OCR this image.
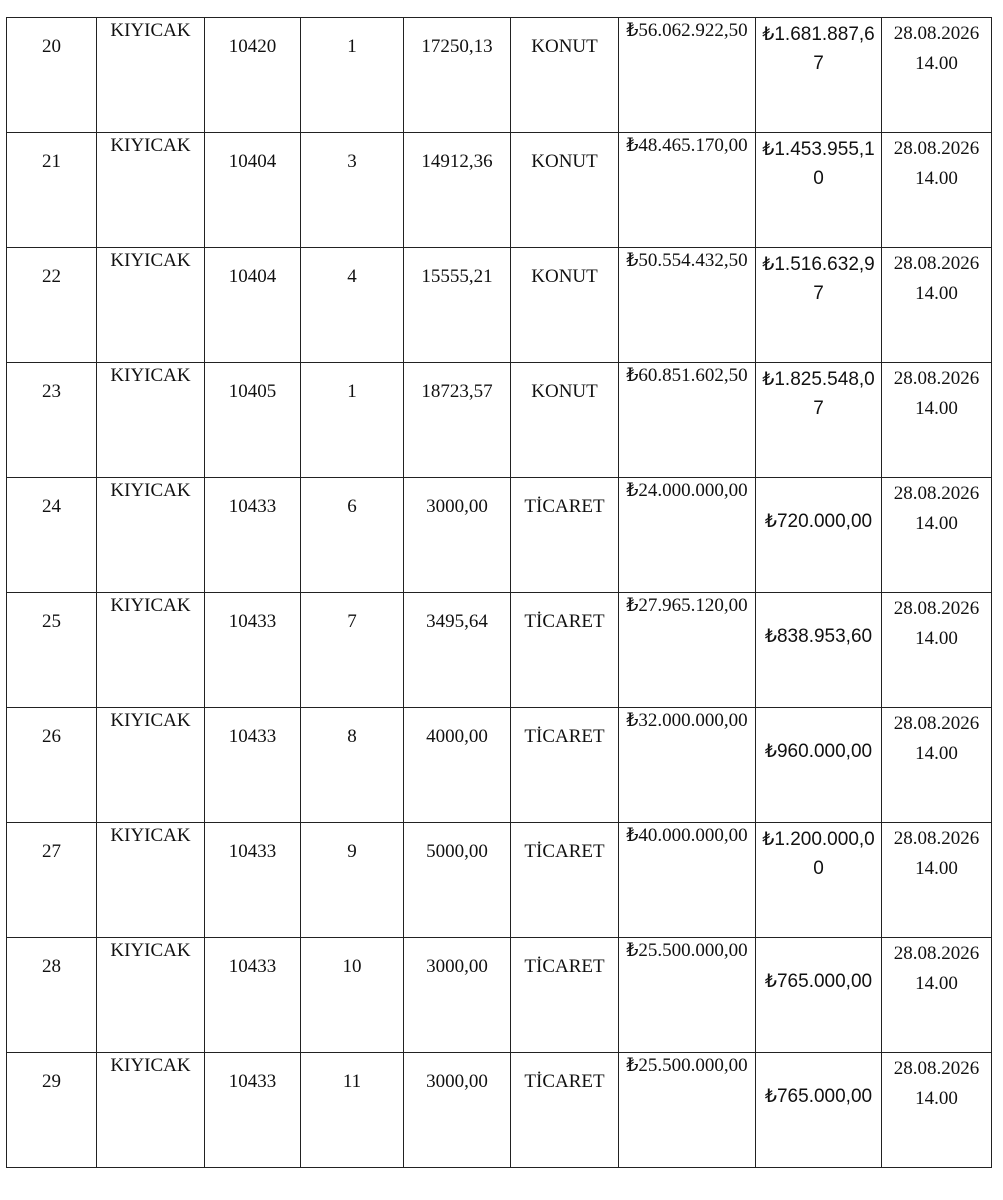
20	KIYICAK	10420	1	17250,13	KONUT	₺56.062.922,50	₺1.681.887,67	28.08.2026
14.00

21	KIYICAK	10404	3	14912,36	KONUT	₺48.465.170,00	₺1.453.955,10	28.08.2026
14.00

22	KIYICAK	10404	4	15555,21	KONUT	₺50.554.432,50	₺1.516.632,97	28.08.2026
14.00

23	KIYICAK	10405	1	18723,57	KONUT	₺60.851.602,50	₺1.825.548,07	28.08.2026
14.00

24	KIYICAK	10433	6	3000,00	TİCARET	₺24.000.000,00	₺720.000,00	28.08.2026
14.00

25	KIYICAK	10433	7	3495,64	TİCARET	₺27.965.120,00	₺838.953,60	28.08.2026
14.00

26	KIYICAK	10433	8	4000,00	TİCARET	₺32.000.000,00	₺960.000,00	28.08.2026
14.00

27	KIYICAK	10433	9	5000,00	TİCARET	₺40.000.000,00	₺1.200.000,00	28.08.2026
14.00

28	KIYICAK	10433	10	3000,00	TİCARET	₺25.500.000,00	₺765.000,00	28.08.2026
14.00

29	KIYICAK	10433	11	3000,00	TİCARET	₺25.500.000,00	₺765.000,00	28.08.2026
14.00
